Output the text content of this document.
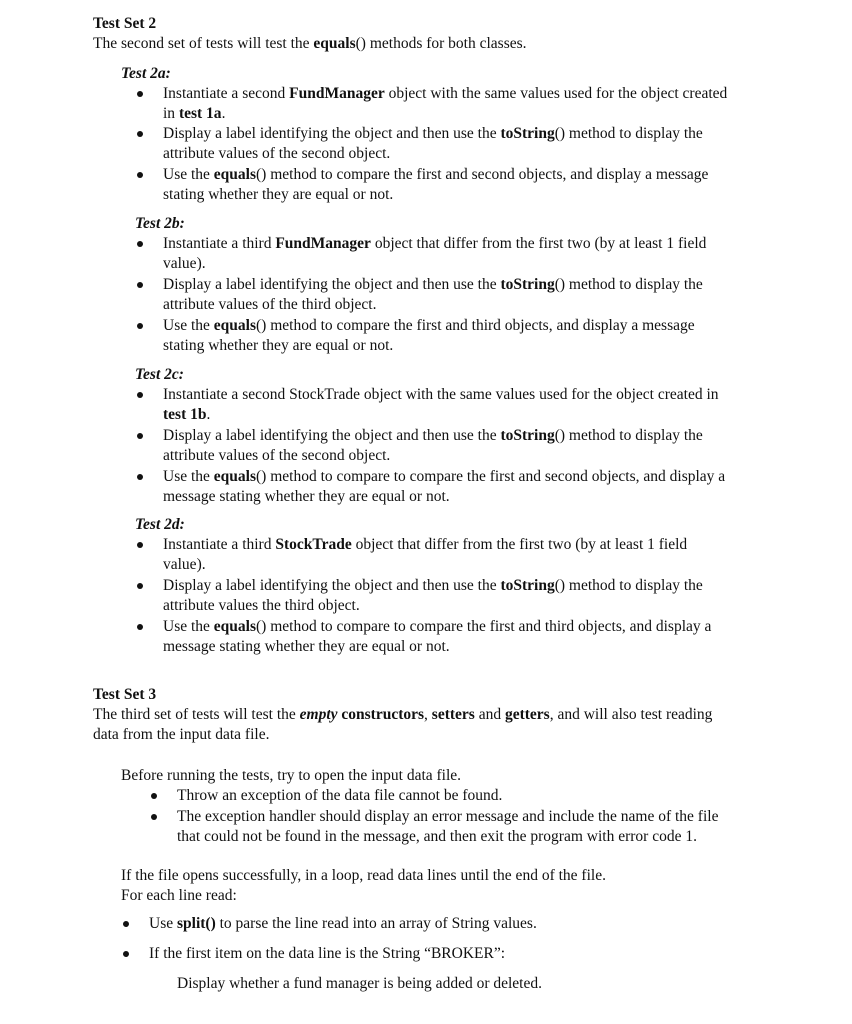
Test Set 2
The second set of tests will test the equals() methods for both classes.
Test 2a:
Instantiate a second FundManager object with the same values used for the object created
in test 1a.
Display a label identifying the object and then use the toString() method to display the
attribute values of the second object.
Use the equals() method to compare the first and second objects, and display a message
stating whether they are equal or not.
Test 2b:
Instantiate a third FundManager object that differ from the first two (by at least 1 field
value).
Display a label identifying the object and then use the toString() method to display the
attribute values of the third object.
Use the equals() method to compare the first and third objects, and display a message
stating whether they are equal or not.
Test 2c:
Instantiate a second StockTrade object with the same values used for the object created in
test 1b.
Display a label identifying the object and then use the toString() method to display the
attribute values of the second object.
Use the equals() method to compare to compare the first and second objects, and display a
message stating whether they are equal or not.
Test 2d:
Instantiate a third StockTrade object that differ from the first two (by at least 1 field
value).
Display a label identifying the object and then use the toString() method to display the
attribute values the third object.
Use the equals() method to compare to compare the first and third objects, and display a
message stating whether they are equal or not.
Test Set 3
The third set of tests will test the empty constructors, setters and getters, and will also test reading
data from the input data file.
Before running the tests, try to open the input data file.
Throw an exception of the data file cannot be found.
The exception handler should display an error message and include the name of the file
that could not be found in the message, and then exit the program with error code 1.
If the file opens successfully, in a loop, read data lines until the end of the file.
For each line read:
Use split() to parse the line read into an array of String values.
If the first item on the data line is the String “BROKER”:
Display whether a fund manager is being added or deleted.
